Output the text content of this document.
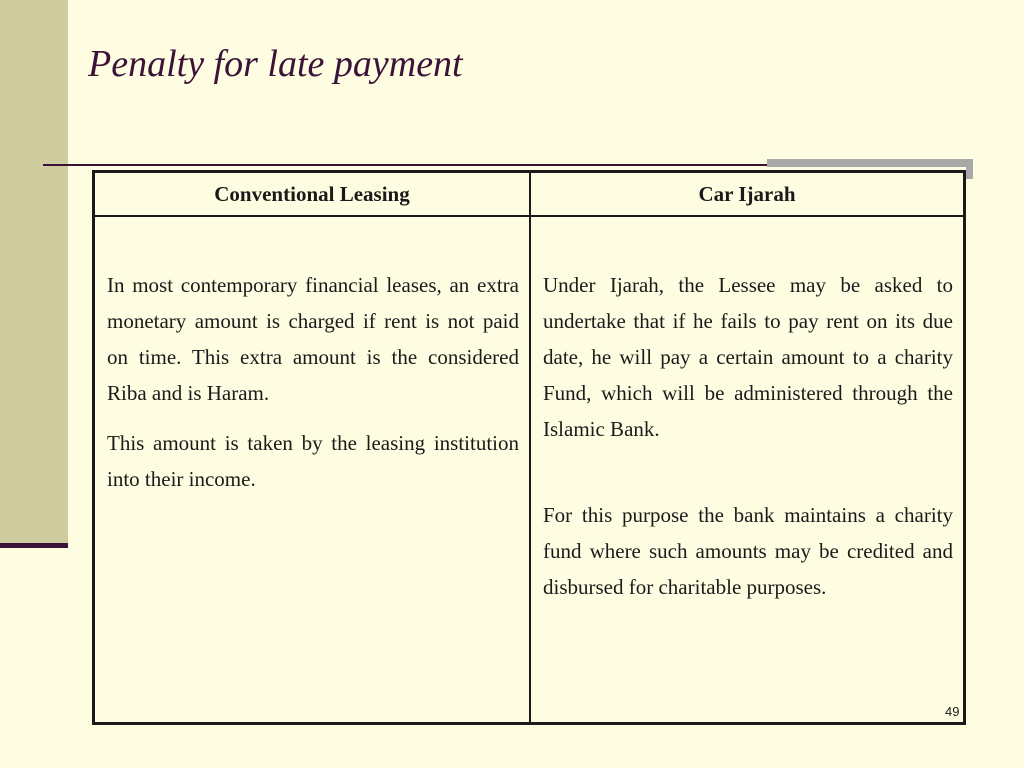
Penalty for late payment
Conventional Leasing	Car Ijarah

In most contemporary financial leases, an extra monetary amount is charged if rent is not paid on time. This extra amount is the considered Riba and is Haram.

This amount is taken by the leasing institution into their income.

Under Ijarah, the Lessee may be asked to undertake that if he fails to pay rent on its due date, he will pay a certain amount to a charity Fund, which will be administered through the Islamic Bank.

For this purpose the bank maintains a charity fund where such amounts may be credited and disbursed for charitable purposes.

49
